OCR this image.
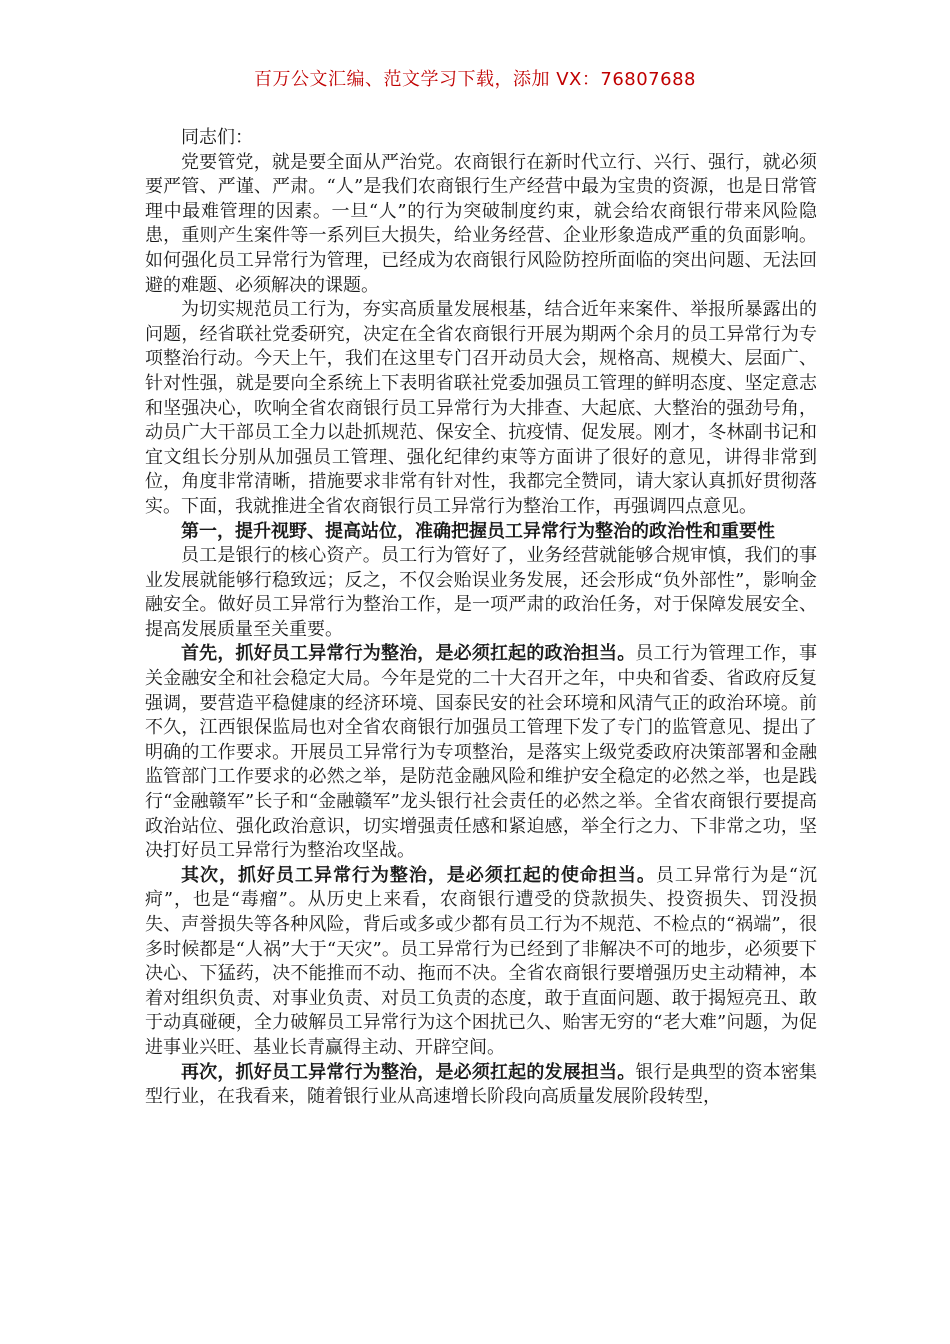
百万公文汇编、范文学习下载，添加 VX：76807688

同志们：

党要管党，就是要全面从严治党。农商银行在新时代立行、兴行、强行，就必须要严管、严谨、严肃。“人”是我们农商银行生产经营中最为宝贵的资源，也是日常管理中最难管理的因素。一旦“人”的行为突破制度约束，就会给农商银行带来风险隐患，重则产生案件等一系列巨大损失，给业务经营、企业形象造成严重的负面影响。如何强化员工异常行为管理，已经成为农商银行风险防控所面临的突出问题、无法回避的难题、必须解决的课题。

为切实规范员工行为，夯实高质量发展根基，结合近年来案件、举报所暴露出的问题，经省联社党委研究，决定在全省农商银行开展为期两个余月的员工异常行为专项整治行动。今天上午，我们在这里专门召开动员大会，规格高、规模大、层面广、针对性强，就是要向全系统上下表明省联社党委加强员工管理的鲜明态度、坚定意志和坚强决心，吹响全省农商银行员工异常行为大排查、大起底、大整治的强劲号角，动员广大干部员工全力以赴抓规范、保安全、抗疫情、促发展。刚才，冬林副书记和宜文组长分别从加强员工管理、强化纪律约束等方面讲了很好的意见，讲得非常到位，角度非常清晰，措施要求非常有针对性，我都完全赞同，请大家认真抓好贯彻落实。下面，我就推进全省农商银行员工异常行为整治工作，再强调四点意见。

第一，提升视野、提高站位，准确把握员工异常行为整治的政治性和重要性

员工是银行的核心资产。员工行为管好了，业务经营就能够合规审慎，我们的事业发展就能够行稳致远；反之，不仅会贻误业务发展，还会形成“负外部性”，影响金融安全。做好员工异常行为整治工作，是一项严肃的政治任务，对于保障发展安全、提高发展质量至关重要。

首先，抓好员工异常行为整治，是必须扛起的政治担当。员工行为管理工作，事关金融安全和社会稳定大局。今年是党的二十大召开之年，中央和省委、省政府反复强调，要营造平稳健康的经济环境、国泰民安的社会环境和风清气正的政治环境。前不久，江西银保监局也对全省农商银行加强员工管理下发了专门的监管意见、提出了明确的工作要求。开展员工异常行为专项整治，是落实上级党委政府决策部署和金融监管部门工作要求的必然之举，是防范金融风险和维护安全稳定的必然之举，也是践行“金融赣军”长子和“金融赣军”龙头银行社会责任的必然之举。全省农商银行要提高政治站位、强化政治意识，切实增强责任感和紧迫感，举全行之力、下非常之功，坚决打好员工异常行为整治攻坚战。

其次，抓好员工异常行为整治，是必须扛起的使命担当。员工异常行为是“沉疴”，也是“毒瘤”。从历史上来看，农商银行遭受的贷款损失、投资损失、罚没损失、声誉损失等各种风险，背后或多或少都有员工行为不规范、不检点的“祸端”，很多时候都是“人祸”大于“天灾”。员工异常行为已经到了非解决不可的地步，必须要下决心、下猛药，决不能推而不动、拖而不决。全省农商银行要增强历史主动精神，本着对组织负责、对事业负责、对员工负责的态度，敢于直面问题、敢于揭短亮丑、敢于动真碰硬，全力破解员工异常行为这个困扰已久、贻害无穷的“老大难”问题，为促进事业兴旺、基业长青赢得主动、开辟空间。

再次，抓好员工异常行为整治，是必须扛起的发展担当。银行是典型的资本密集型行业，在我看来，随着银行业从高速增长阶段向高质量发展阶段转型，
